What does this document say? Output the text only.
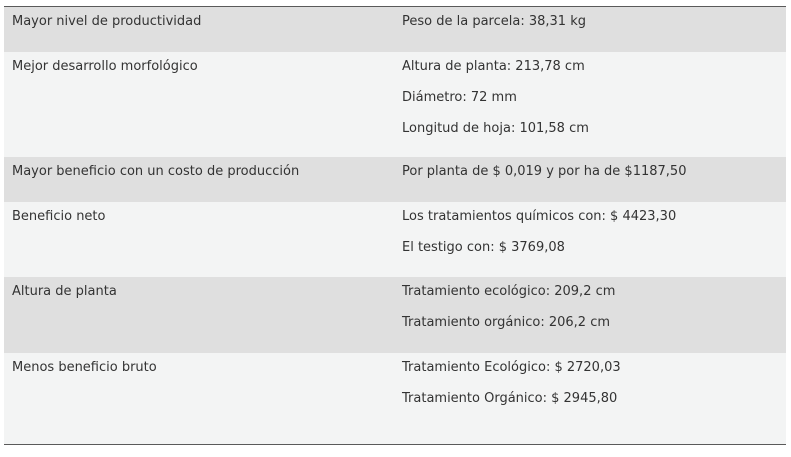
Mayor nivel de productividad	Peso de la parcela: 38,31 kg
Mejor desarrollo morfológico	Altura de planta: 213,78 cm
Diámetro: 72 mm
Longitud de hoja: 101,58 cm
Mayor beneficio con un costo de producción	Por planta de $ 0,019 y por ha de $1187,50
Beneficio neto	Los tratamientos químicos con: $ 4423,30
El testigo con: $ 3769,08
Altura de planta	Tratamiento ecológico: 209,2 cm
Tratamiento orgánico: 206,2 cm
Menos beneficio bruto	Tratamiento Ecológico: $ 2720,03
Tratamiento Orgánico: $ 2945,80
